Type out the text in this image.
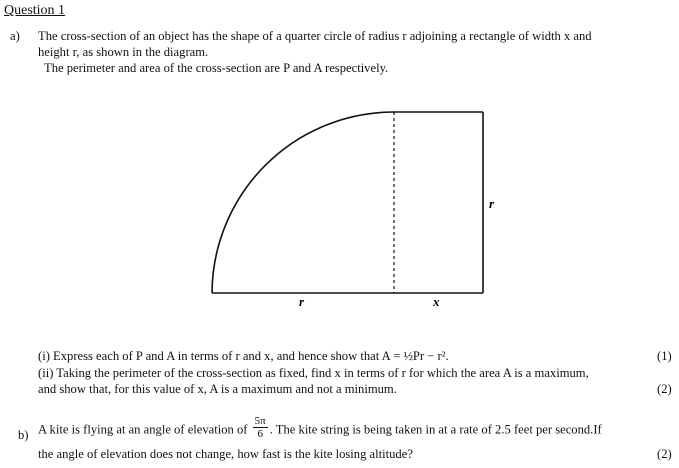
Question 1
a) The cross-section of an object has the shape of a quarter circle of radius r adjoining a rectangle of width x and
height r, as shown in the diagram.
The perimeter and area of the cross-section are P and A respectively.
r	x
r
(i) Express each of P and A in terms of r and x, and hence show that A = ½Pr − r².	(1)
(ii) Taking the perimeter of the cross-section as fixed, find x in terms of r for which the area A is a maximum,
and show that, for this value of x, A is a maximum and not a minimum.	(2)
b) A kite is flying at an angle of elevation of $\frac{5\pi}{6}$ . The kite string is being taken in at a rate of 2.5 feet per second.If
the angle of elevation does not change, how fast is the kite losing altitude?	(2)
